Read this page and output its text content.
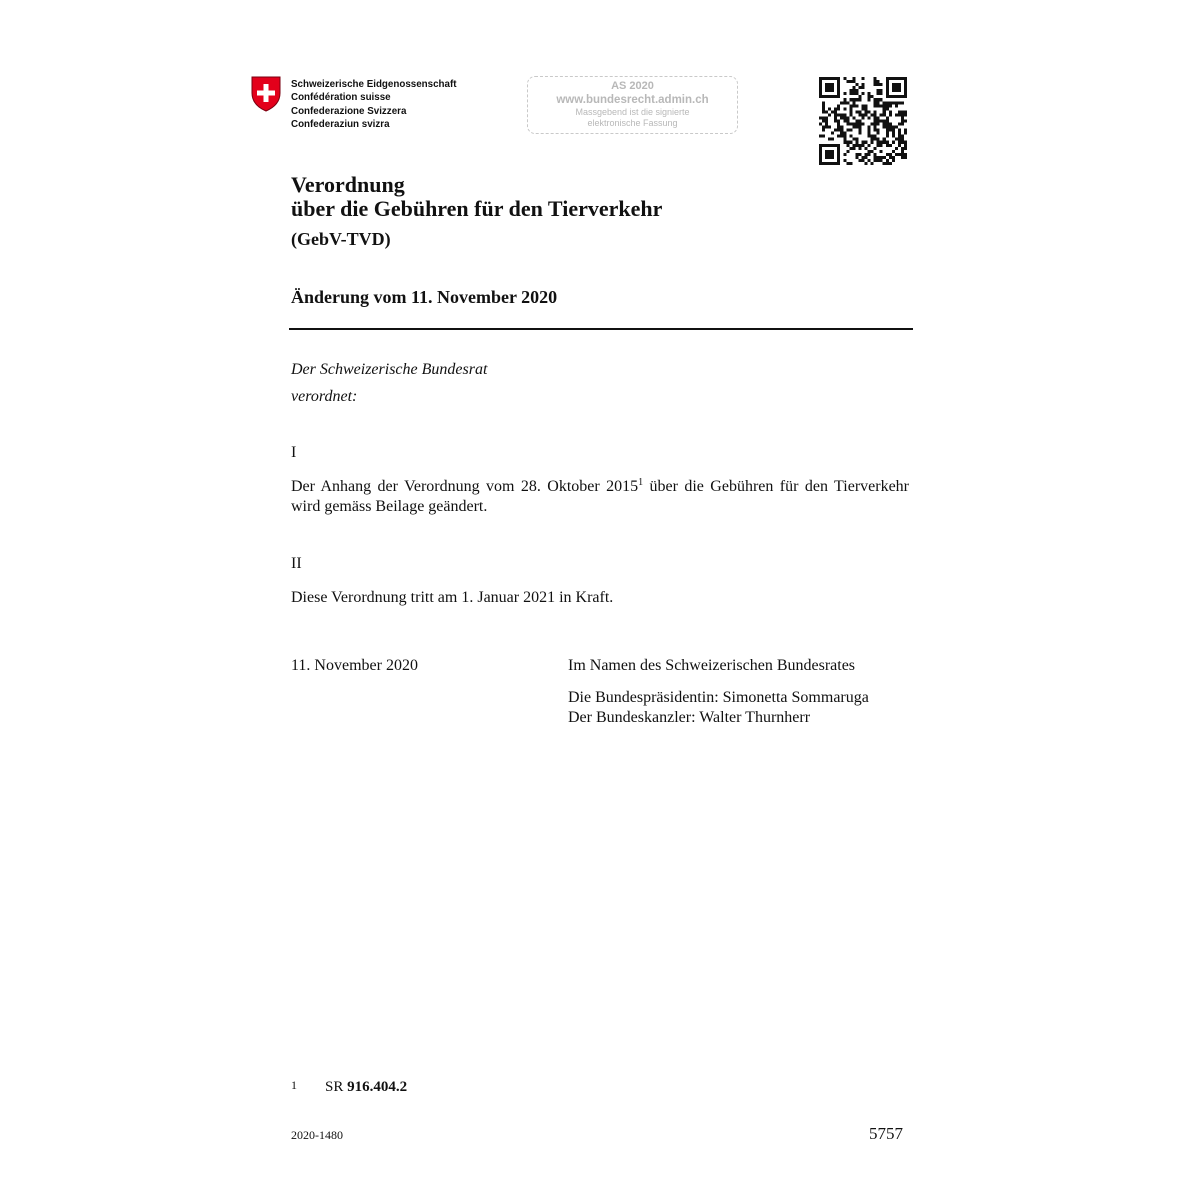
Schweizerische Eidgenossenschaft
Confédération suisse
Confederazione Svizzera
Confederaziun svizra
AS 2020
www.bundesrecht.admin.ch
Massgebend ist die signierte
elektronische Fassung
Verordnung
über die Gebühren für den Tierverkehr
(GebV-TVD)
Änderung vom 11. November 2020
Der Schweizerische Bundesrat
verordnet:
I
Der Anhang der Verordnung vom 28. Oktober 2015$^1$ über die Gebühren für den Tierverkehr wird gemäss Beilage geändert.
II
Diese Verordnung tritt am 1. Januar 2021 in Kraft.
11. November 2020	Im Namen des Schweizerischen Bundesrates
Die Bundespräsidentin: Simonetta Sommaruga
Der Bundeskanzler: Walter Thurnherr
1 SR 916.404.2
2020-1480	5757
